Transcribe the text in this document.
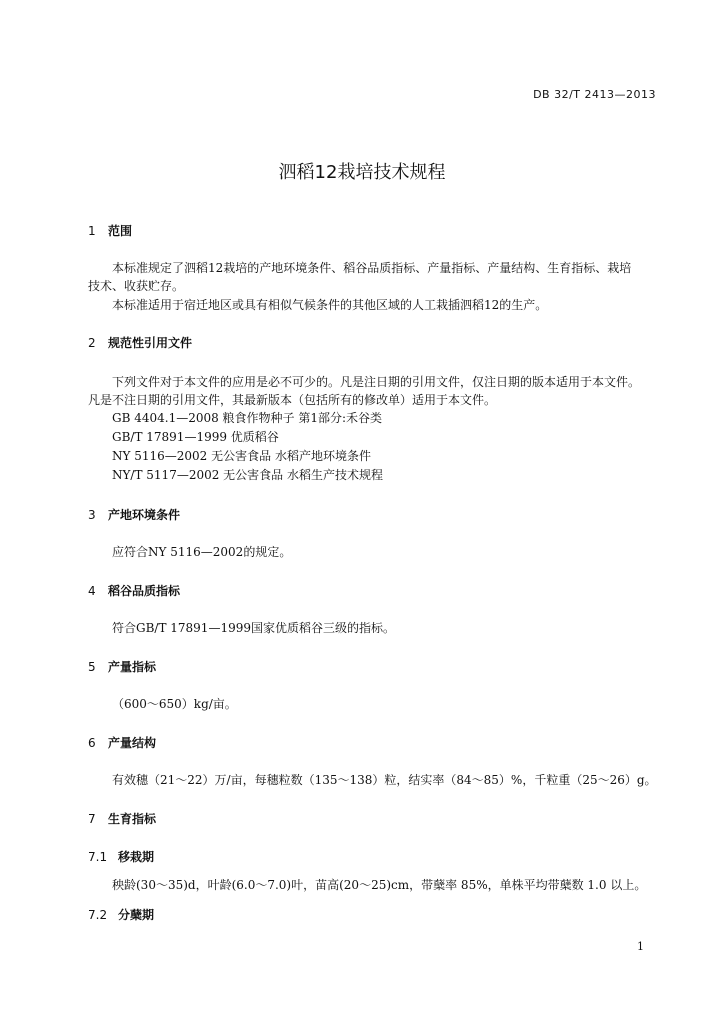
DB 32/T 2413—2013
泗稻12栽培技术规程
1 范围
本标准规定了泗稻12栽培的产地环境条件、稻谷品质指标、产量指标、产量结构、生育指标、栽培
技术、收获贮存。
本标准适用于宿迁地区或具有相似气候条件的其他区域的人工栽插泗稻12的生产。
2 规范性引用文件
下列文件对于本文件的应用是必不可少的。凡是注日期的引用文件，仅注日期的版本适用于本文件。
凡是不注日期的引用文件，其最新版本（包括所有的修改单）适用于本文件。
GB 4404.1—2008 粮食作物种子 第1部分:禾谷类
GB/T 17891—1999 优质稻谷
NY 5116—2002 无公害食品 水稻产地环境条件
NY/T 5117—2002 无公害食品 水稻生产技术规程
3 产地环境条件
应符合NY 5116—2002的规定。
4 稻谷品质指标
符合GB/T 17891—1999国家优质稻谷三级的指标。
5 产量指标
（600～650）kg/亩。
6 产量结构
有效穗（21～22）万/亩，每穗粒数（135～138）粒，结实率（84～85）%，千粒重（25～26）g。
7 生育指标
7.1 移栽期
秧龄(30～35)d，叶龄(6.0～7.0)叶，苗高(20～25)cm，带蘖率 85%，单株平均带蘖数 1.0 以上。
7.2 分蘖期
1
